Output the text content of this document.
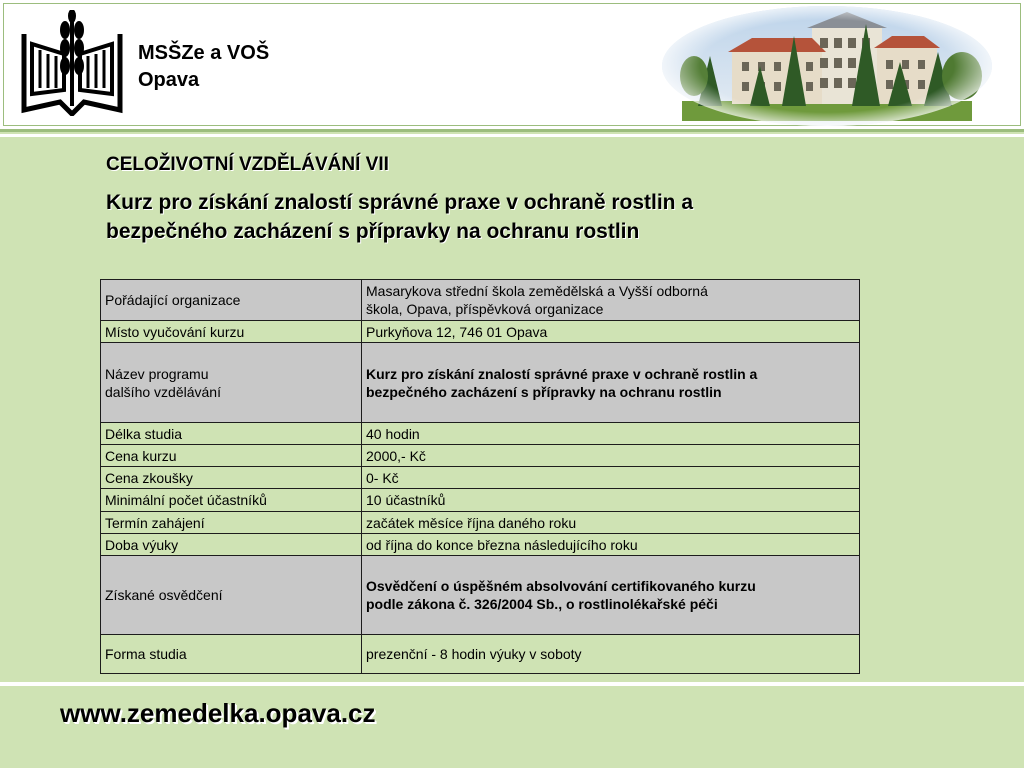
MSŠZe a VOŠ
Opava

CELOŽIVOTNÍ VZDĚLÁVÁNÍ VII

Kurz pro získání znalostí správné praxe v ochraně rostlin a
bezpečného zacházení s přípravky na ochranu rostlin

Pořádající organizace	Masarykova střední škola zemědělská a Vyšší odborná
škola, Opava, příspěvková organizace
Místo vyučování kurzu	Purkyňova 12, 746 01 Opava
Název programu
dalšího vzdělávání	Kurz pro získání znalostí správné praxe v ochraně rostlin a
bezpečného zacházení s přípravky na ochranu rostlin
Délka studia	40 hodin
Cena kurzu	2000,- Kč
Cena zkoušky	0- Kč
Minimální počet účastníků	10 účastníků
Termín zahájení	začátek měsíce října daného roku
Doba výuky	od října do konce března následujícího roku
Získané osvědčení	Osvědčení o úspěšném absolvování certifikovaného kurzu
podle zákona č. 326/2004 Sb., o rostlinolékařské péči
Forma studia	prezenční - 8 hodin výuky v soboty
www.zemedelka.opava.cz
